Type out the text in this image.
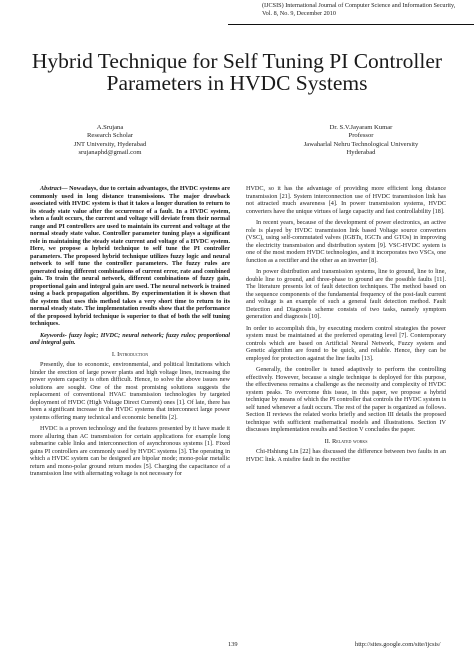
(IJCSIS) International Journal of Computer Science and Information Security,
Vol. 8, No. 9, December 2010
Hybrid Technique for Self Tuning PI Controller
Parameters in HVDC Systems
A.Srujana
Research Scholar
JNT University, Hyderabad
srujanaphd@gmail.com
Dr. S.V.Jayaram Kumar
Professor
Jawaharlal Nehru Technological University
Hyderabad

Abstract— Nowadays, due to certain advantages, the HVDC systems are commonly used in long distance transmissions. The major drawback associated with HVDC system is that it takes a longer duration to return to its steady state value after the occurrence of a fault. In a HVDC system, when a fault occurs, the current and voltage will deviate from their normal range and PI controllers are used to maintain its current and voltage at the normal steady state value. Controller parameter tuning plays a significant role in maintaining the steady state current and voltage of a HVDC system. Here, we propose a hybrid technique to self tune the PI controller parameters. The proposed hybrid technique utilizes fuzzy logic and neural network to self tune the controller parameters. The fuzzy rules are generated using different combinations of current error, rate and combined gain. To train the neural network, different combinations of fuzzy gain, proportional gain and integral gain are used. The neural network is trained using a back propagation algorithm. By experimentation it is shown that the system that uses this method takes a very short time to return to its normal steady state. The implementation results show that the performance of the proposed hybrid technique is superior to that of both the self tuning techniques.

Keywords- fuzzy logic; HVDC; neural network; fuzzy rules; proportional and integral gain.

I. Introduction

Presently, due to economic, environmental, and political limitations which hinder the erection of large power plants and high voltage lines, increasing the power system capacity is often difficult. Hence, to solve the above issues new solutions are sought. One of the most promising solutions suggests the replacement of conventional HVAC transmission technologies by targeted deployment of HVDC (High Voltage Direct Current) ones [1]. Of late, there has been a significant increase in the HVDC systems that interconnect large power systems offering many technical and economic benefits [2].

HVDC is a proven technology and the features presented by it have made it more alluring than AC transmission for certain applications for example long submarine cable links and interconnection of asynchronous systems [1]. Fixed gains PI controllers are commonly used by HVDC systems [3]. The operating in which a HVDC system can be designed are bipolar mode; mono-polar metallic return and mono-polar ground return modes [5]. Charging the capacitance of a transmission line with alternating voltage is not necessary for

HVDC, so it has the advantage of providing more efficient long distance transmission [21]. System interconnection use of HVDC transmission link has not attracted much awareness [4]. In power transmission systems, HVDC converters have the unique virtues of large capacity and fast controllability [18].

In recent years, because of the development of power electronics, an active role is played by HVDC transmission link based Voltage source converters (VSC), using self-commutated valves (IGBTs, IGCTs and GTOs) in improving the electricity transmission and distribution system [9]. VSC-HVDC system is one of the most modern HVDC technologies, and it incorporates two VSCs, one function as a rectifier and the other as an inverter [8].

In power distribution and transmission systems, line to ground, line to line, double line to ground, and three-phase to ground are the possible faults [11]. The literature presents lot of fault detection techniques. The method based on the sequence components of the fundamental frequency of the post-fault current and voltage is an example of such a general fault detection method. Fault Detection and Diagnosis scheme consists of two tasks, namely symptom generation and diagnosis [10].

In order to accomplish this, by executing modern control strategies the power system must be maintained at the preferred operating level [7]. Contemporary controls which are based on Artificial Neural Network, Fuzzy system and Genetic algorithm are found to be quick, and reliable. Hence, they can be employed for protection against the line faults [13].

Generally, the controller is tuned adaptively to perform the controlling effectively. However, because a single technique is deployed for this purpose, the effectiveness remains a challenge as the necessity and complexity of HVDC system peaks. To overcome this issue, in this paper, we propose a hybrid technique by means of which the PI controller that controls the HVDC system is self tuned whenever a fault occurs. The rest of the paper is organized as follows. Section II reviews the related works briefly and section III details the proposed technique with sufficient mathematical models and illustrations. Section IV discusses implementation results and Section V concludes the paper.

II. Related works

Chi-Hshiung Lin [22] has discussed the difference between two faults in an HVDC link. A misfire fault in the rectifier

139	http://sites.google.com/site/ijcsis/
